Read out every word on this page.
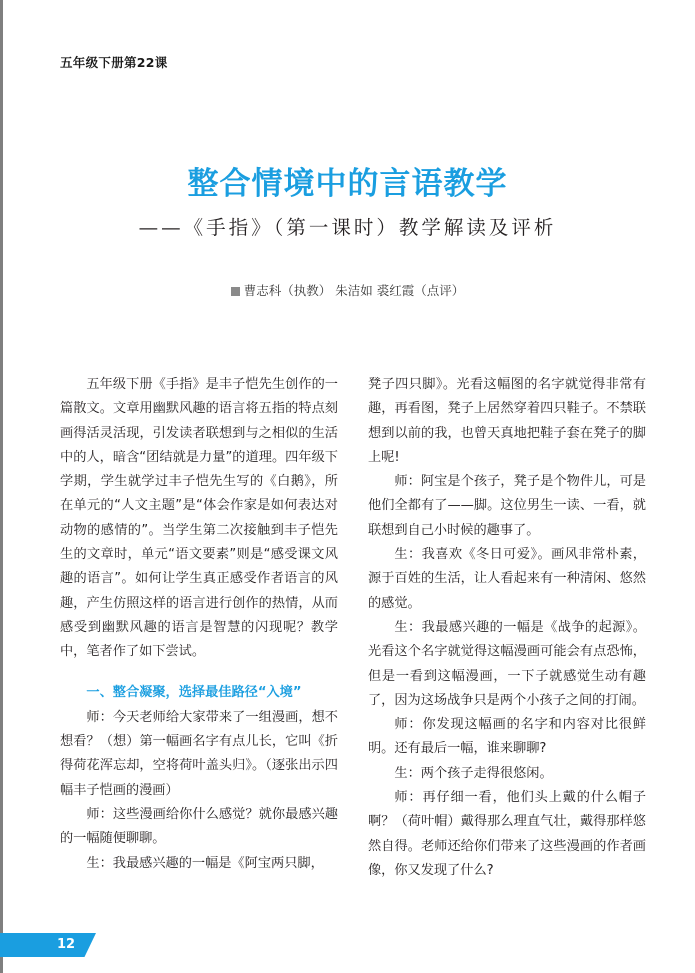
五年级下册第22课
整合情境中的言语教学
——《手指》（第一课时）教学解读及评析
曹志科（执教） 朱洁如 裘红霞（点评）

五年级下册《手指》是丰子恺先生创作的一篇散文。文章用幽默风趣的语言将五指的特点刻画得活灵活现，引发读者联想到与之相似的生活中的人，暗含“团结就是力量”的道理。四年级下学期，学生就学过丰子恺先生写的《白鹅》，所在单元的“人文主题”是“体会作家是如何表达对动物的感情的”。当学生第二次接触到丰子恺先生的文章时，单元“语文要素”则是“感受课文风趣的语言”。如何让学生真正感受作者语言的风趣，产生仿照这样的语言进行创作的热情，从而感受到幽默风趣的语言是智慧的闪现呢？教学中，笔者作了如下尝试。

一、整合凝聚，选择最佳路径“入境”

师：今天老师给大家带来了一组漫画，想不想看？（想）第一幅画名字有点儿长，它叫《折得荷花浑忘却，空将荷叶盖头归》。（逐张出示四幅丰子恺画的漫画）

师：这些漫画给你什么感觉？就你最感兴趣的一幅随便聊聊。

生：我最感兴趣的一幅是《阿宝两只脚，

凳子四只脚》。光看这幅图的名字就觉得非常有趣，再看图，凳子上居然穿着四只鞋子。不禁联想到以前的我，也曾天真地把鞋子套在凳子的脚上呢!

师：阿宝是个孩子，凳子是个物件儿，可是他们全都有了——脚。这位男生一读、一看，就联想到自己小时候的趣事了。

生：我喜欢《冬日可爱》。画风非常朴素，源于百姓的生活，让人看起来有一种清闲、悠然的感觉。

生：我最感兴趣的一幅是《战争的起源》。光看这个名字就觉得这幅漫画可能会有点恐怖，但是一看到这幅漫画，一下子就感觉生动有趣了，因为这场战争只是两个小孩子之间的打闹。

师：你发现这幅画的名字和内容对比很鲜明。还有最后一幅，谁来聊聊?

生：两个孩子走得很悠闲。

师：再仔细一看，他们头上戴的什么帽子啊？（荷叶帽）戴得那么理直气壮，戴得那样悠然自得。老师还给你们带来了这些漫画的作者画像，你又发现了什么?

12
